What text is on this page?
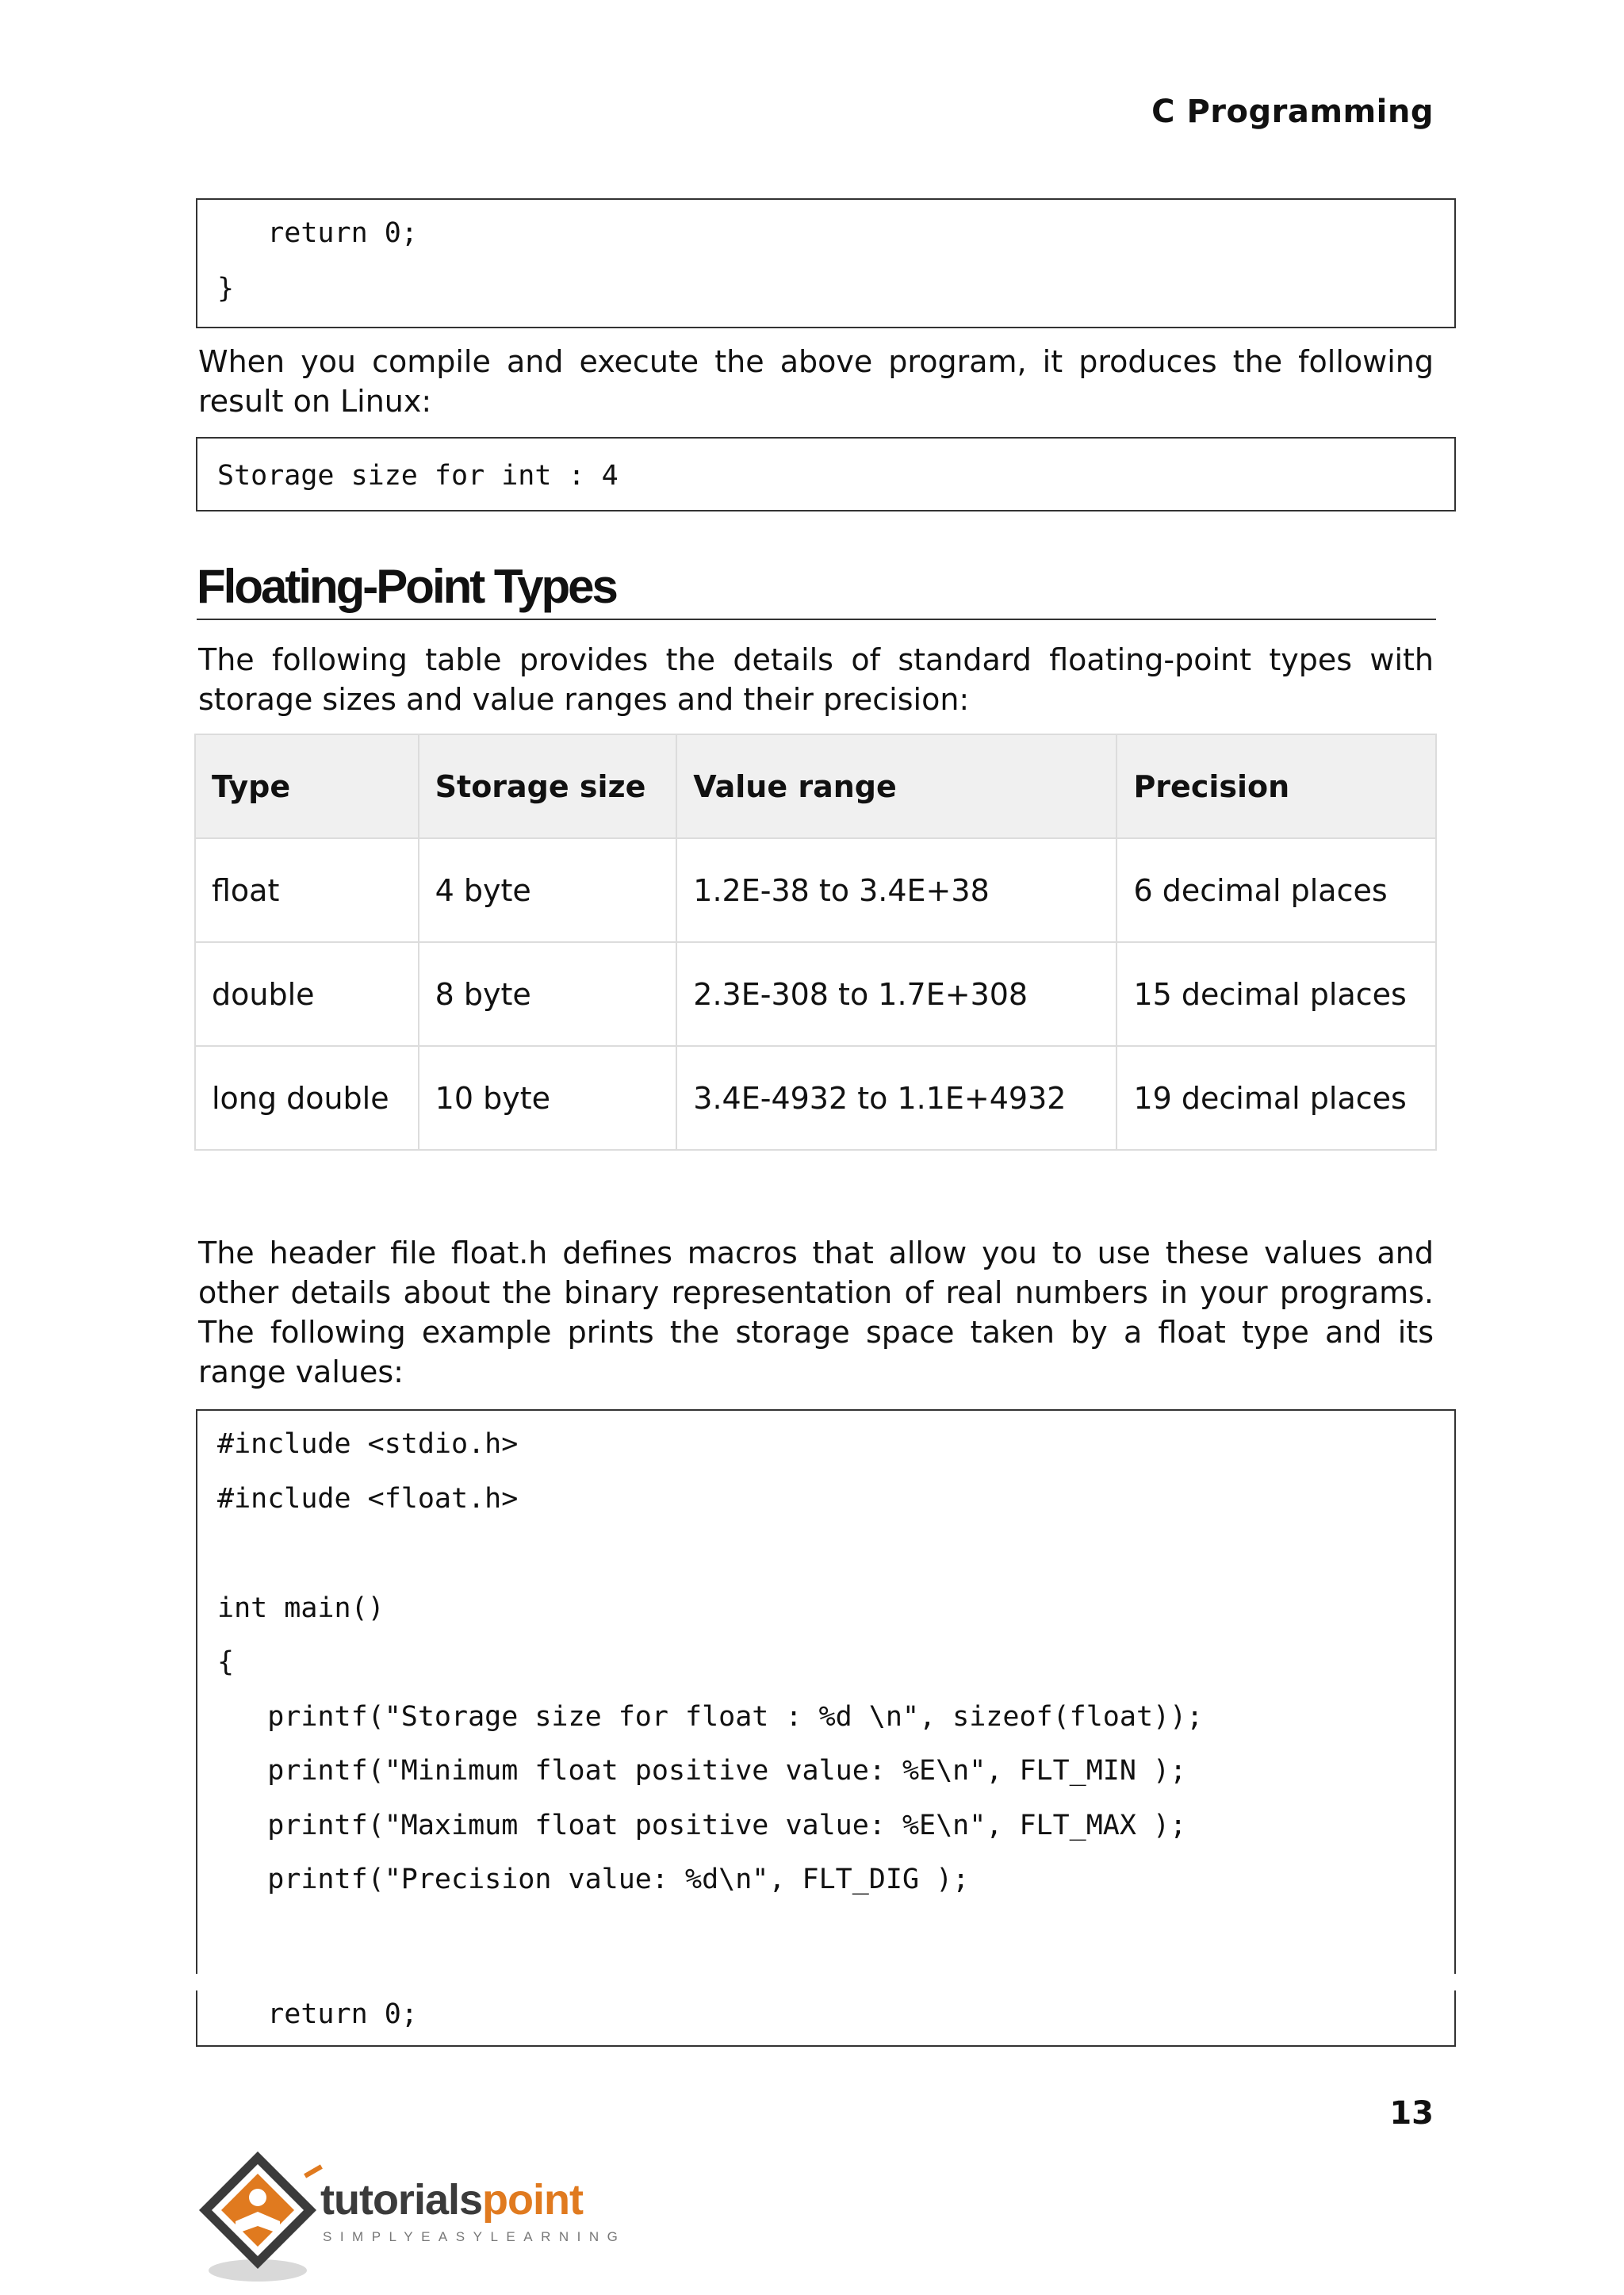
C Programming
return 0;
}
When you compile and execute the above program, it produces the following result on Linux:
Storage size for int : 4
Floating-Point Types
The following table provides the details of standard floating-point types with storage sizes and value ranges and their precision:
Type	Storage size	Value range	Precision
float	4 byte	1.2E-38 to 3.4E+38	6 decimal places
double	8 byte	2.3E-308 to 1.7E+308	15 decimal places
long double	10 byte	3.4E-4932 to 1.1E+4932	19 decimal places
The header file float.h defines macros that allow you to use these values and other details about the binary representation of real numbers in your programs. The following example prints the storage space taken by a float type and its range values:
#include <stdio.h>
#include <float.h>
int main()
{
printf("Storage size for float : %d \n", sizeof(float));
printf("Minimum float positive value: %E\n", FLT_MIN );
printf("Maximum float positive value: %E\n", FLT_MAX );
printf("Precision value: %d\n", FLT_DIG );
return 0;
13
tutorialspoint
SIMPLYEASYLEARNING
